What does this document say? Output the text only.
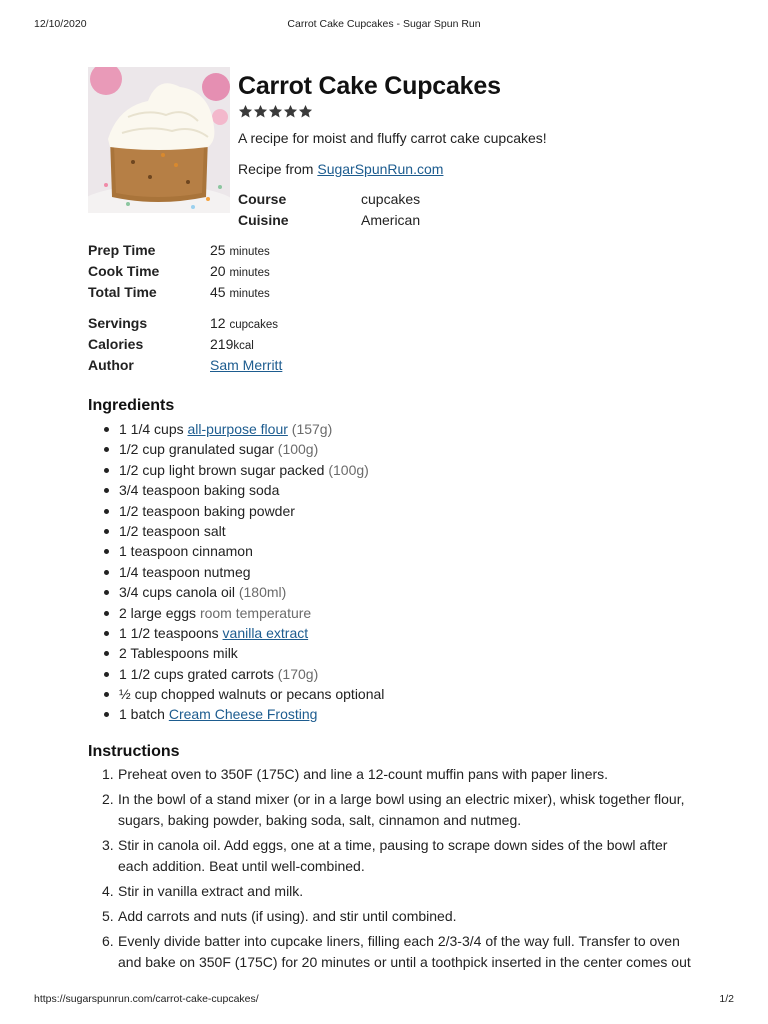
12/10/2020	Carrot Cake Cupcakes - Sugar Spun Run
Carrot Cake Cupcakes
A recipe for moist and fluffy carrot cake cupcakes!
Recipe from SugarSpunRun.com
Course	cupcakes
Cuisine	American
Prep Time	25 minutes
Cook Time	20 minutes
Total Time	45 minutes
Servings	12 cupcakes
Calories	219kcal
Author	Sam Merritt
Ingredients
1 1/4 cups all-purpose flour (157g)
1/2 cup granulated sugar (100g)
1/2 cup light brown sugar packed (100g)
3/4 teaspoon baking soda
1/2 teaspoon baking powder
1/2 teaspoon salt
1 teaspoon cinnamon
1/4 teaspoon nutmeg
3/4 cups canola oil (180ml)
2 large eggs room temperature
1 1/2 teaspoons vanilla extract
2 Tablespoons milk
1 1/2 cups grated carrots (170g)
½ cup chopped walnuts or pecans optional
1 batch Cream Cheese Frosting
Instructions
1. Preheat oven to 350F (175C) and line a 12-count muffin pans with paper liners.
2. In the bowl of a stand mixer (or in a large bowl using an electric mixer), whisk together flour, sugars, baking powder, baking soda, salt, cinnamon and nutmeg.
3. Stir in canola oil. Add eggs, one at a time, pausing to scrape down sides of the bowl after each addition. Beat until well-combined.
4. Stir in vanilla extract and milk.
5. Add carrots and nuts (if using). and stir until combined.
6. Evenly divide batter into cupcake liners, filling each 2/3-3/4 of the way full. Transfer to oven and bake on 350F (175C) for 20 minutes or until a toothpick inserted in the center comes out
https://sugarspunrun.com/carrot-cake-cupcakes/	1/2
